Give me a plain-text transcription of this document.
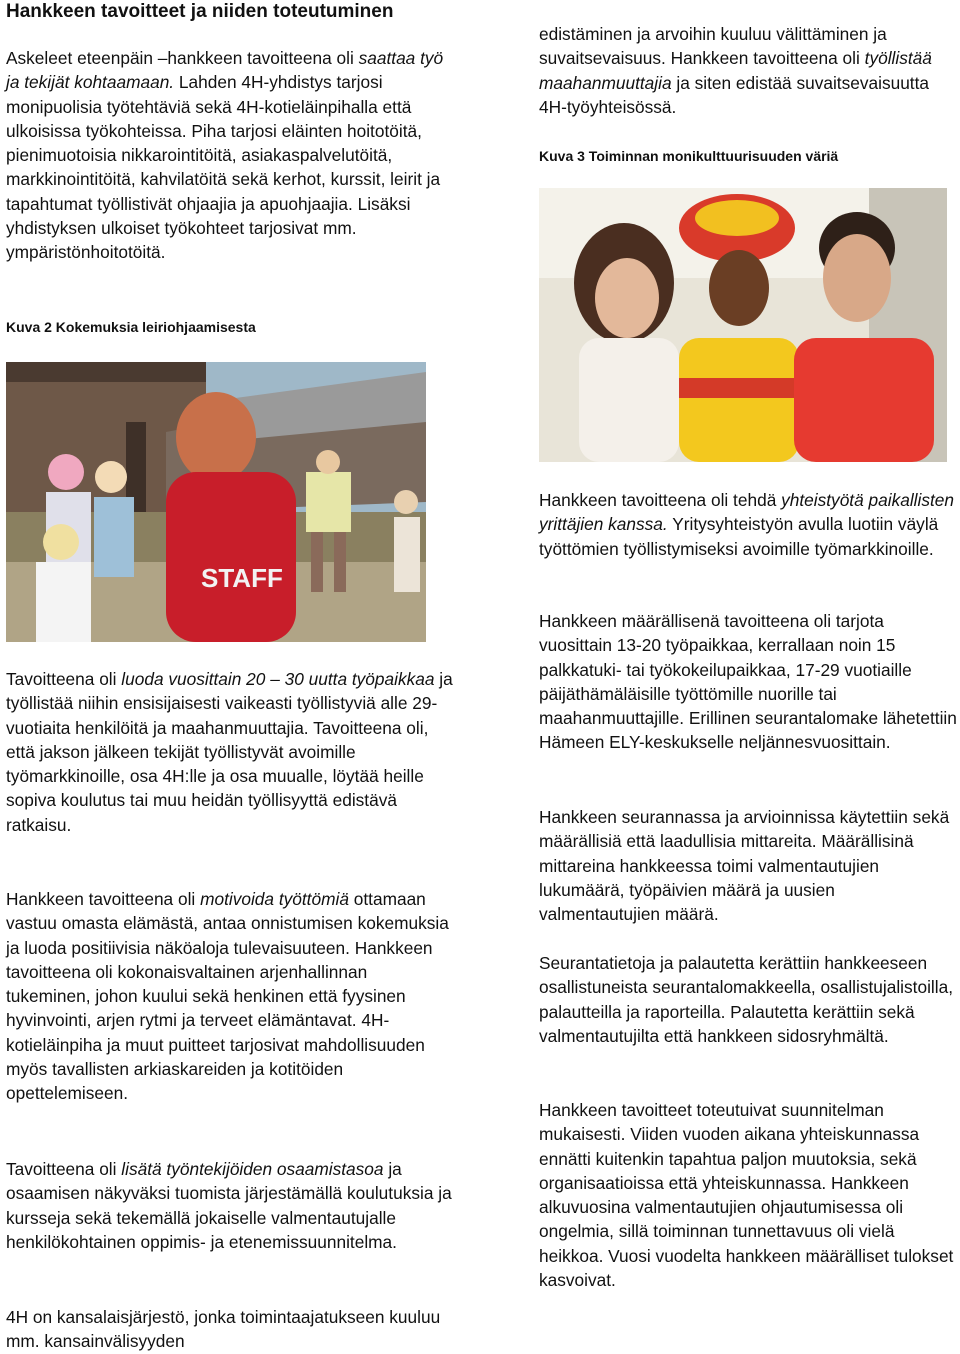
Hankkeen tavoitteet ja niiden toteutuminen

Askeleet eteenpäin –hankkeen tavoitteena oli saattaa työ ja tekijät kohtaamaan. Lahden 4H-yhdistys tarjosi monipuolisia työtehtäviä sekä 4H-kotieläinpihalla että ulkoisissa työkohteissa. Piha tarjosi eläinten hoitotöitä, pienimuotoisia nikkarointitöitä, asiakaspalvelutöitä, markkinointitöitä, kahvilatöitä sekä kerhot, kurssit, leirit ja tapahtumat työllistivät ohjaajia ja apuohjaajia. Lisäksi yhdistyksen ulkoiset työkohteet tarjosivat mm. ympäristönhoitotöitä.

Kuva 2 Kokemuksia leiriohjaamisesta
STAFF

Tavoitteena oli luoda vuosittain 20 – 30 uutta työpaikkaa ja työllistää niihin ensisijaisesti vaikeasti työllistyviä alle 29-vuotiaita henkilöitä ja maahanmuuttajia. Tavoitteena oli, että jakson jälkeen tekijät työllistyvät avoimille työmarkkinoille, osa 4H:lle ja osa muualle, löytää heille sopiva koulutus tai muu heidän työllisyyttä edistävä ratkaisu.

Hankkeen tavoitteena oli motivoida työttömiä ottamaan vastuu omasta elämästä, antaa onnistumisen kokemuksia ja luoda positiivisia näköaloja tulevaisuuteen. Hankkeen tavoitteena oli kokonaisvaltainen arjenhallinnan tukeminen, johon kuului sekä henkinen että fyysinen hyvinvointi, arjen rytmi ja terveet elämäntavat. 4H-kotieläinpiha ja muut puitteet tarjosivat mahdollisuuden myös tavallisten arkiaskareiden ja kotitöiden opettelemiseen.

Tavoitteena oli lisätä työntekijöiden osaamistasoa ja osaamisen näkyväksi tuomista järjestämällä koulutuksia ja kursseja sekä tekemällä jokaiselle valmentautujalle henkilökohtainen oppimis- ja etenemissuunnitelma.

4H on kansalaisjärjestö, jonka toimintaajatukseen kuuluu mm. kansainvälisyyden

edistäminen ja arvoihin kuuluu välittäminen ja suvaitsevaisuus. Hankkeen tavoitteena oli työllistää maahanmuuttajia ja siten edistää suvaitsevaisuutta 4H-työyhteisössä.

Kuva 3 Toiminnan monikulttuurisuuden väriä

Hankkeen tavoitteena oli tehdä yhteistyötä paikallisten yrittäjien kanssa. Yritysyhteistyön avulla luotiin väylä työttömien työllistymiseksi avoimille työmarkkinoille.

Hankkeen määrällisenä tavoitteena oli tarjota vuosittain 13-20 työpaikkaa, kerrallaan noin 15 palkkatuki- tai työkokeilupaikkaa, 17-29 vuotiaille päijäthämäläisille työttömille nuorille tai maahanmuuttajille. Erillinen seurantalomake lähetettiin Hämeen ELY-keskukselle neljännesvuosittain.

Hankkeen seurannassa ja arvioinnissa käytettiin sekä määrällisiä että laadullisia mittareita. Määrällisinä mittareina hankkeessa toimi valmentautujien lukumäärä, työpäivien määrä ja uusien valmentautujien määrä.

Seurantatietoja ja palautetta kerättiin hankkeeseen osallistuneista seurantalomakkeella, osallistujalistoilla, palautteilla ja raporteilla. Palautetta kerättiin sekä valmentautujilta että hankkeen sidosryhmältä.

Hankkeen tavoitteet toteutuivat suunnitelman mukaisesti. Viiden vuoden aikana yhteiskunnassa ennätti kuitenkin tapahtua paljon muutoksia, sekä organisaatioissa että yhteiskunnassa. Hankkeen alkuvuosina valmentautujien ohjautumisessa oli ongelmia, sillä toiminnan tunnettavuus oli vielä heikkoa. Vuosi vuodelta hankkeen määrälliset tulokset kasvoivat.
